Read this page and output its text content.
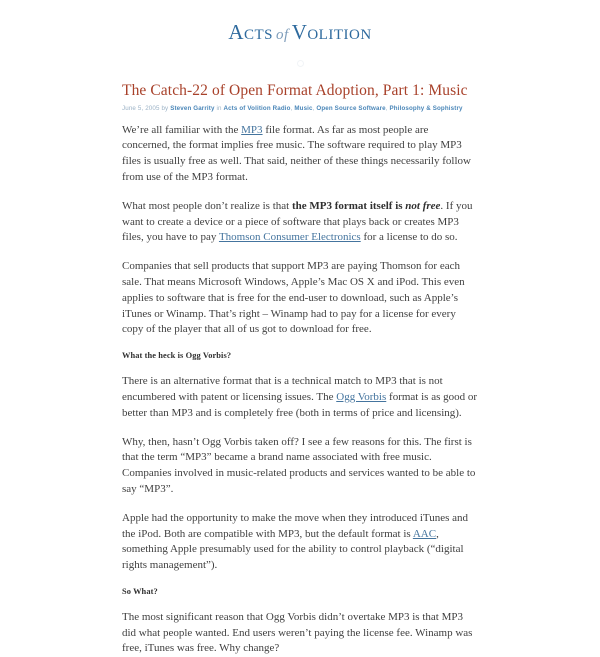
Acts of Volition
The Catch-22 of Open Format Adoption, Part 1: Music
June 5, 2005 by Steven Garrity in Acts of Volition Radio, Music, Open Source Software, Philosophy & Sophistry

We’re all familiar with the MP3 file format. As far as most people are concerned, the format implies free music. The software required to play MP3 files is usually free as well. That said, neither of these things necessarily follow from use of the MP3 format.

What most people don’t realize is that the MP3 format itself is not free. If you want to create a device or a piece of software that plays back or creates MP3 files, you have to pay Thomson Consumer Electronics for a license to do so.

Companies that sell products that support MP3 are paying Thomson for each sale. That means Microsoft Windows, Apple’s Mac OS X and iPod. This even applies to software that is free for the end-user to download, such as Apple’s iTunes or Winamp. That’s right – Winamp had to pay for a license for every copy of the player that all of us got to download for free.

What the heck is Ogg Vorbis?

There is an alternative format that is a technical match to MP3 that is not encumbered with patent or licensing issues. The Ogg Vorbis format is as good or better than MP3 and is completely free (both in terms of price and licensing).

Why, then, hasn’t Ogg Vorbis taken off? I see a few reasons for this. The first is that the term “MP3” became a brand name associated with free music. Companies involved in music-related products and services wanted to be able to say “MP3”.

Apple had the opportunity to make the move when they introduced iTunes and the iPod. Both are compatible with MP3, but the default format is AAC, something Apple presumably used for the ability to control playback (“digital rights management”).

So What?

The most significant reason that Ogg Vorbis didn’t overtake MP3 is that MP3 did what people wanted. End users weren’t paying the license fee. Winamp was free, iTunes was free. Why change?
